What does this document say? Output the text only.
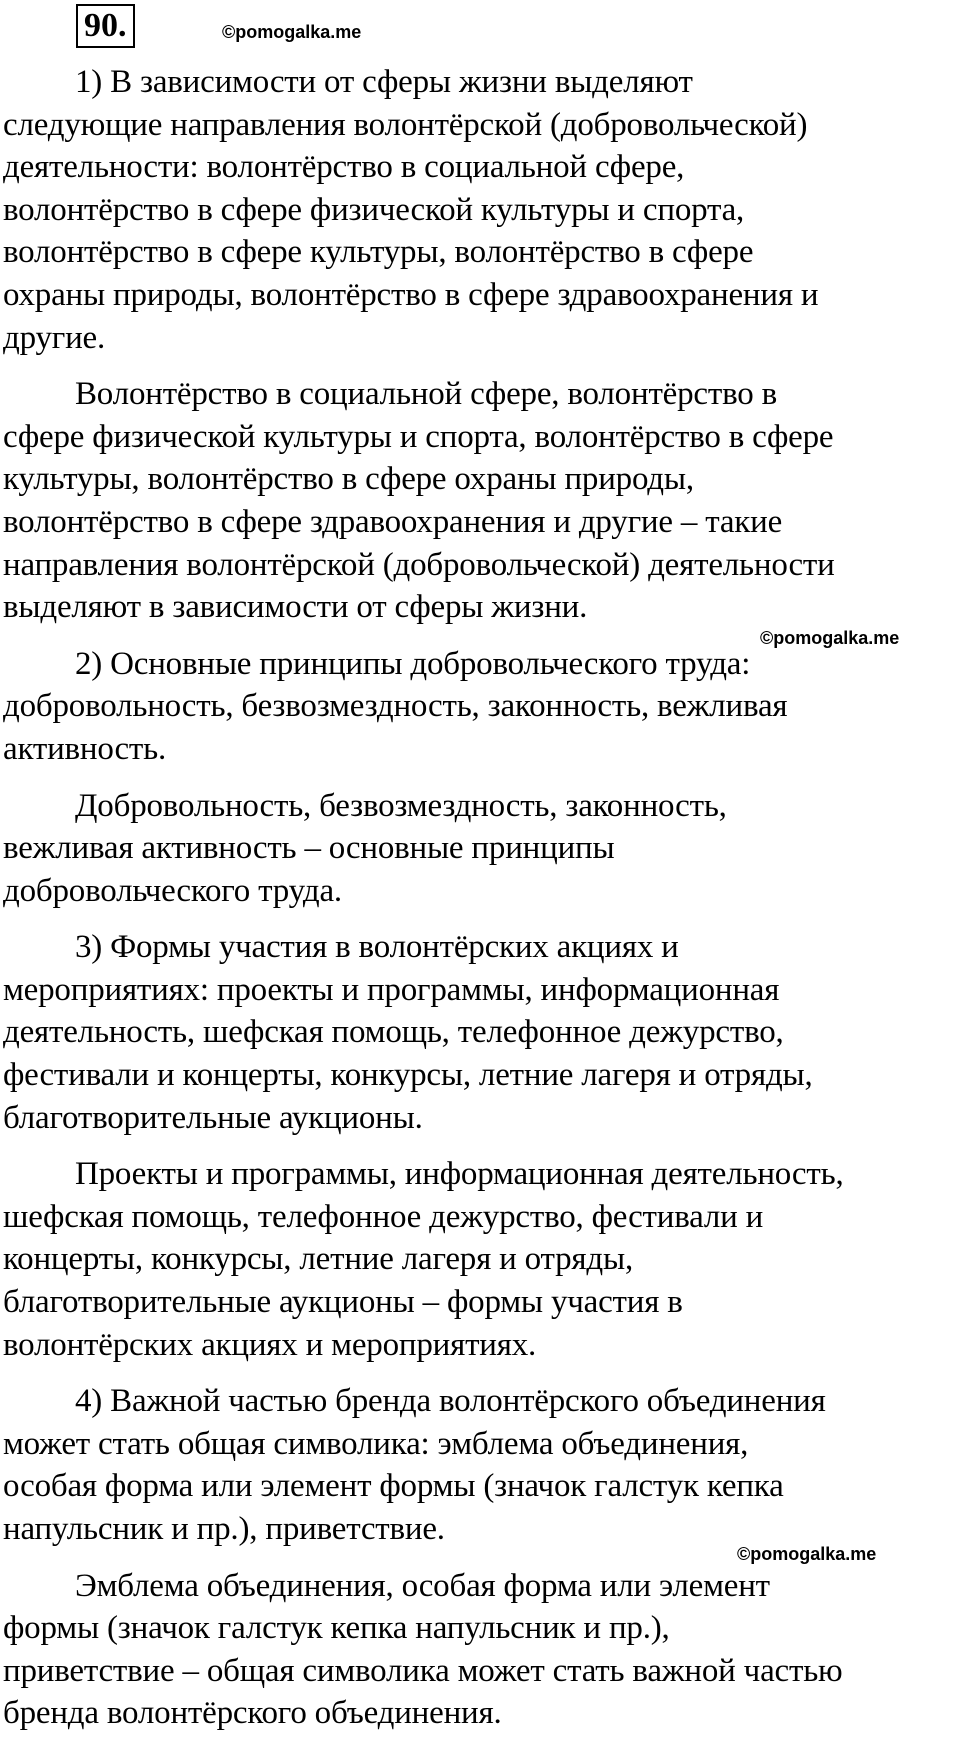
90.	©pomogalka.me
©pomogalka.me
©pomogalka.me

1) В зависимости от сферы жизни выделяют
следующие направления волонтёрской (добровольческой)
деятельности: волонтёрство в социальной сфере,
волонтёрство в сфере физической культуры и спорта,
волонтёрство в сфере культуры, волонтёрство в сфере
охраны природы, волонтёрство в сфере здравоохранения и
другие.

Волонтёрство в социальной сфере, волонтёрство в
сфере физической культуры и спорта, волонтёрство в сфере
культуры, волонтёрство в сфере охраны природы,
волонтёрство в сфере здравоохранения и другие – такие
направления волонтёрской (добровольческой) деятельности
выделяют в зависимости от сферы жизни.

2) Основные принципы добровольческого труда:
добровольность, безвозмездность, законность, вежливая
активность.

Добровольность, безвозмездность, законность,
вежливая активность – основные принципы
добровольческого труда.

3) Формы участия в волонтёрских акциях и
мероприятиях: проекты и программы, информационная
деятельность, шефская помощь, телефонное дежурство,
фестивали и концерты, конкурсы, летние лагеря и отряды,
благотворительные аукционы.

Проекты и программы, информационная деятельность,
шефская помощь, телефонное дежурство, фестивали и
концерты, конкурсы, летние лагеря и отряды,
благотворительные аукционы – формы участия в
волонтёрских акциях и мероприятиях.

4) Важной частью бренда волонтёрского объединения
может стать общая символика: эмблема объединения,
особая форма или элемент формы (значок галстук кепка
напульсник и пр.), приветствие.

Эмблема объединения, особая форма или элемент
формы (значок галстук кепка напульсник и пр.),
приветствие – общая символика может стать важной частью
бренда волонтёрского объединения.
